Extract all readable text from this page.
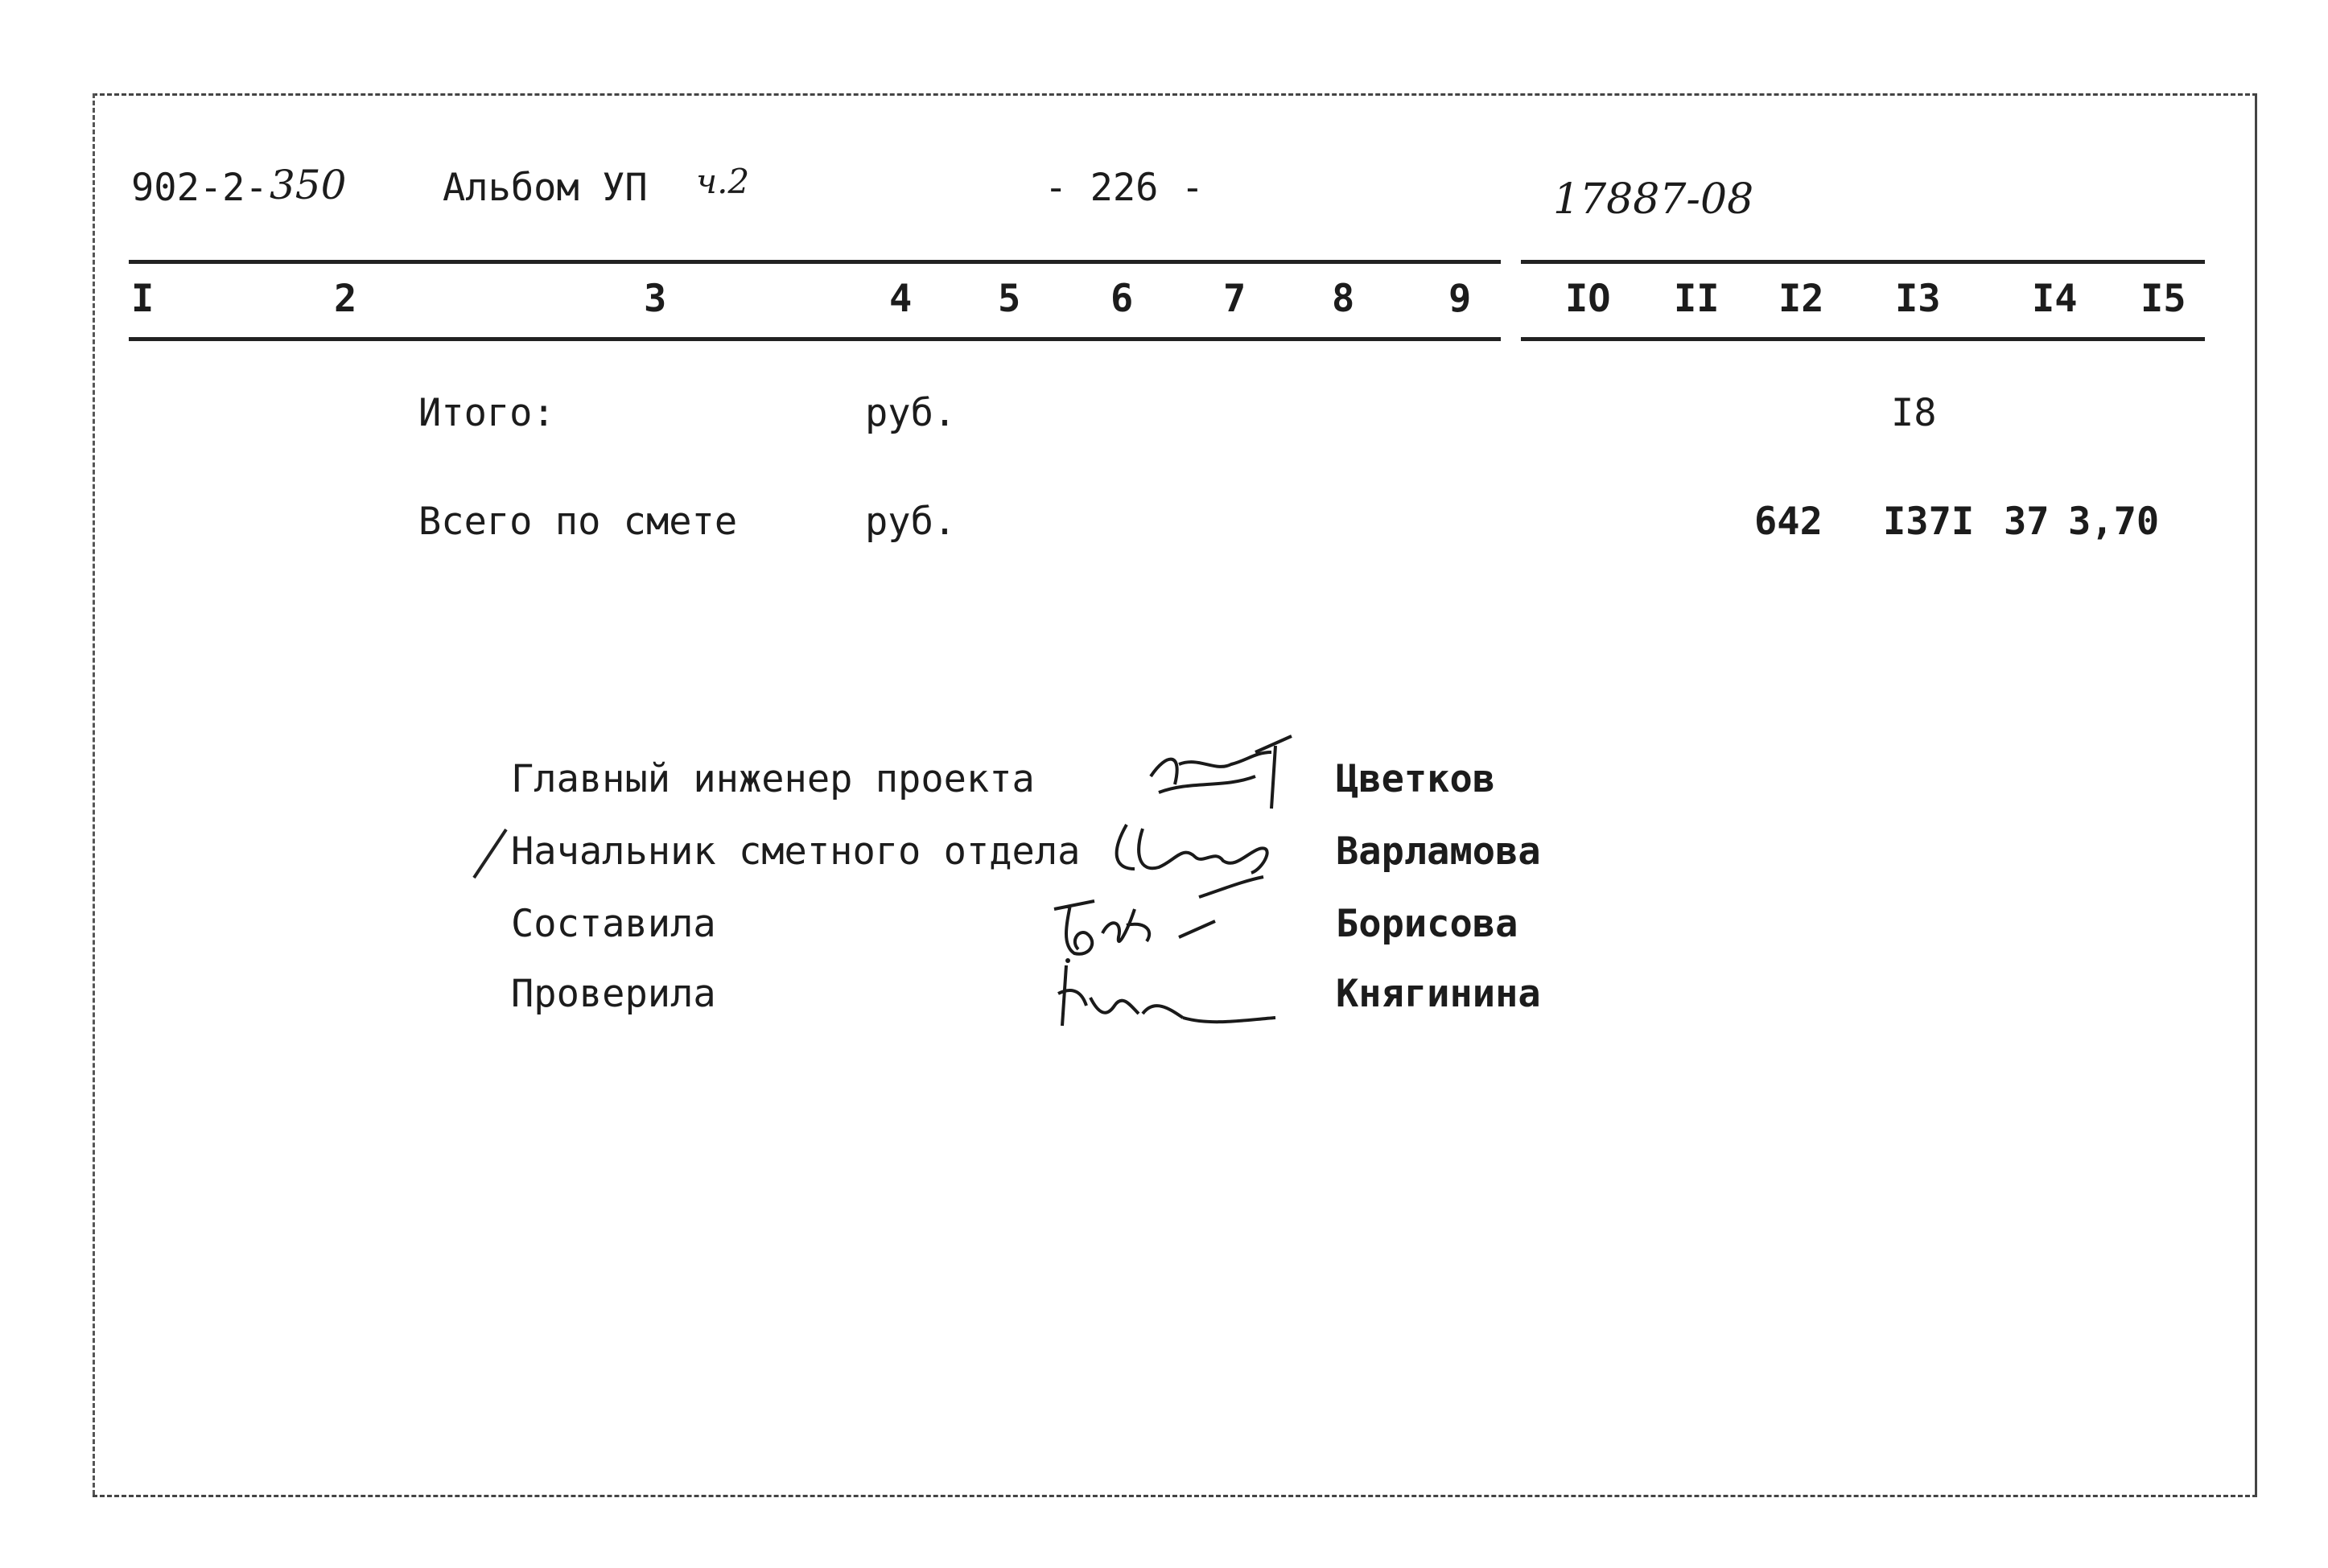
902-2- 350	Альбом УП ч.2	- 226 -	17887-08
I	2	3	4 5 6 7 8 9 IO II I2 I3 I4 I5
Итого:	руб.	I8
Всего по смете	руб.	642 I37I 37 3,70
Главный инженер проекта	Цветков
Начальник сметного отдела	Варламова
Составила	Борисова
Проверила	Княгинина
